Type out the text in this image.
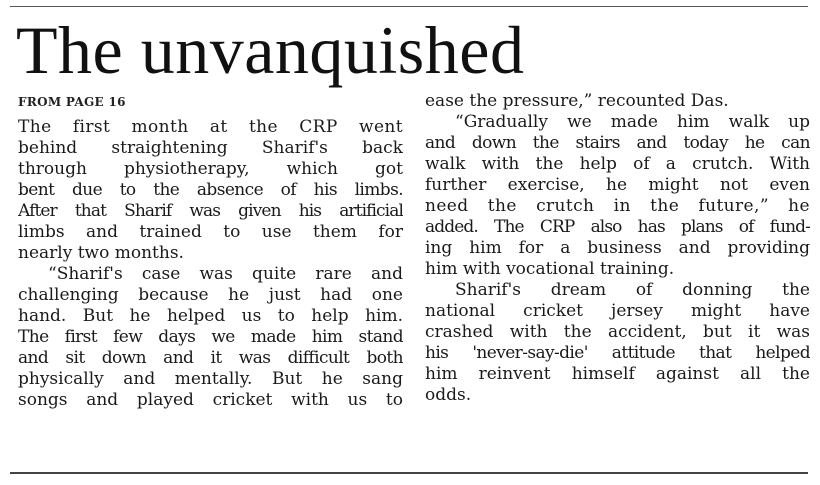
The unvanquished
FROM PAGE 16
The first month at the CRP went
behind straightening Sharif's back
through physiotherapy, which got
bent due to the absence of his limbs.
After that Sharif was given his artificial
limbs and trained to use them for
nearly two months.
“Sharif's case was quite rare and
challenging because he just had one
hand. But he helped us to help him.
The first few days we made him stand
and sit down and it was difficult both
physically and mentally. But he sang
songs and played cricket with us to
ease the pressure,” recounted Das.
“Gradually we made him walk up
and down the stairs and today he can
walk with the help of a crutch. With
further exercise, he might not even
need the crutch in the future,” he
added. The CRP also has plans of fund-
ing him for a business and providing
him with vocational training.
Sharif's dream of donning the
national cricket jersey might have
crashed with the accident, but it was
his 'never-say-die' attitude that helped
him reinvent himself against all the
odds.
